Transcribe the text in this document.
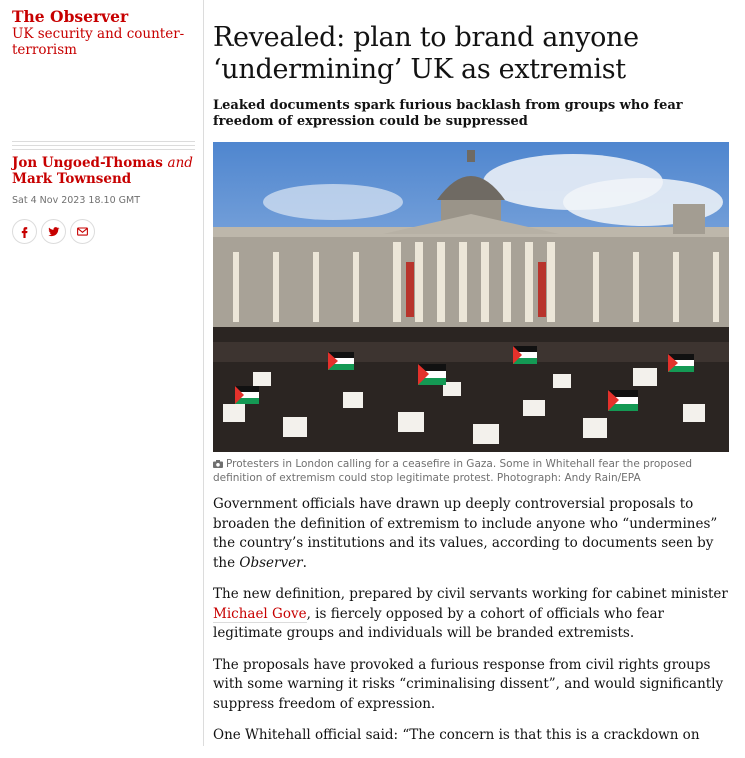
The Observer
UK security and counter-terrorism
Jon Ungoed-Thomas and
Mark Townsend
Sat 4 Nov 2023 18.10 GMT
Revealed: plan to brand anyone ‘undermining’ UK as extremist
Leaked documents spark furious backlash from groups who fear freedom of expression could be suppressed
Protesters in London calling for a ceasefire in Gaza. Some in Whitehall fear the proposed definition of extremism could stop legitimate protest. Photograph: Andy Rain/EPA

Government officials have drawn up deeply controversial proposals to broaden the definition of extremism to include anyone who “undermines” the country’s institutions and its values, according to documents seen by the Observer.

The new definition, prepared by civil servants working for cabinet minister Michael Gove, is fiercely opposed by a cohort of officials who fear legitimate groups and individuals will be branded extremists.

The proposals have provoked a furious response from civil rights groups with some warning it risks “criminalising dissent”, and would significantly suppress freedom of expression.

One Whitehall official said: “The concern is that this is a crackdown on
